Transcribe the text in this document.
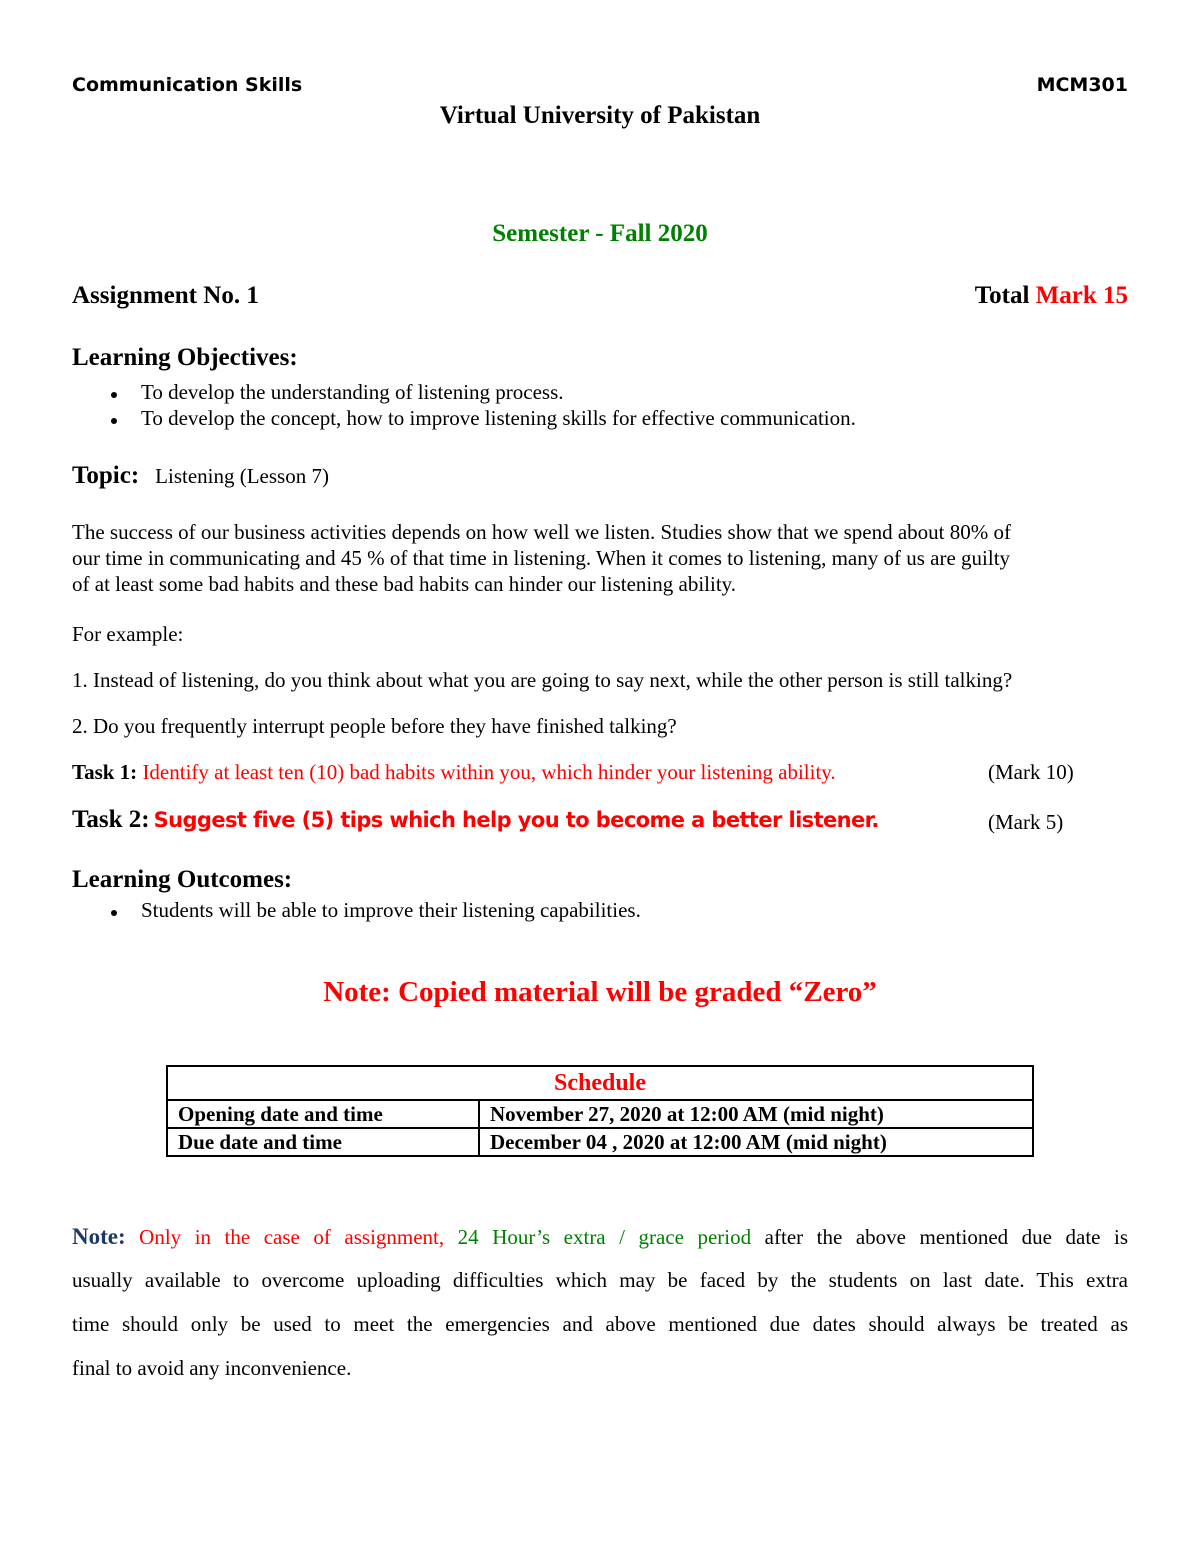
Communication Skills	MCM301
Virtual University of Pakistan
Semester - Fall 2020
Assignment No. 1	Total Mark 15
Learning Objectives:
To develop the understanding of listening process.
To develop the concept, how to improve listening skills for effective communication.
Topic: Listening (Lesson 7)
The success of our business activities depends on how well we listen. Studies show that we spend about 80% of
our time in communicating and 45 % of that time in listening. When it comes to listening, many of us are guilty
of at least some bad habits and these bad habits can hinder our listening ability.
For example:
1. Instead of listening, do you think about what you are going to say next, while the other person is still talking?
2. Do you frequently interrupt people before they have finished talking?
Task 1: Identify at least ten (10) bad habits within you, which hinder your listening ability.	(Mark 10)
Task 2: Suggest five (5) tips which help you to become a better listener.	(Mark 5)
Learning Outcomes:
Students will be able to improve their listening capabilities.
Note: Copied material will be graded “Zero”
Schedule	
Opening date and time	November 27, 2020 at 12:00 AM (mid night)
Due date and time	December 04 , 2020 at 12:00 AM (mid night)
Note: Only in the case of assignment, 24 Hour’s extra / grace period after the above mentioned due date is
usually available to overcome uploading difficulties which may be faced by the students on last date. This extra
time should only be used to meet the emergencies and above mentioned due dates should always be treated as
final to avoid any inconvenience.
